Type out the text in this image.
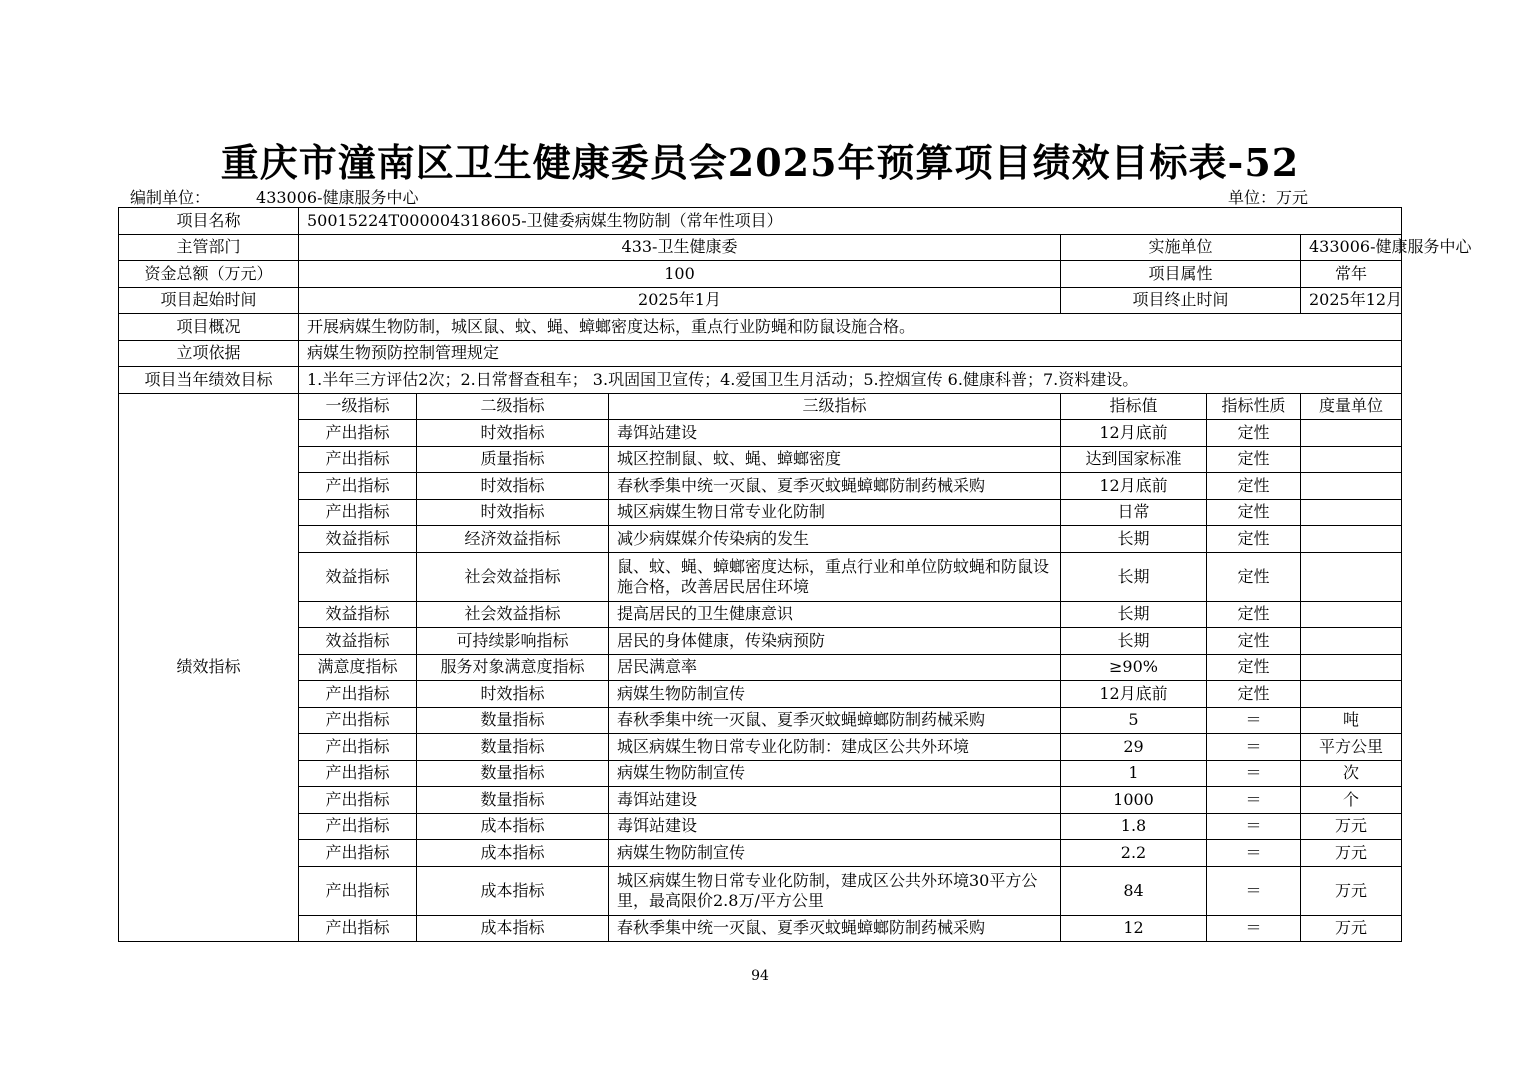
重庆市潼南区卫生健康委员会2025年预算项目绩效目标表-52
编制单位：	433006-健康服务中心	单位：万元
项目名称	50015224T000004318605-卫健委病媒生物防制（常年性项目）					
主管部门	433-卫生健康委			实施单位		433006-健康服务中心
资金总额（万元）	100			项目属性		常年
项目起始时间	2025年1月			项目终止时间		2025年12月
项目概况	开展病媒生物防制，城区鼠、蚊、蝇、蟑螂密度达标，重点行业防蝇和防鼠设施合格。					
立项依据	病媒生物预防控制管理规定					
项目当年绩效目标	1.半年三方评估2次；2.日常督查租车； 3.巩固国卫宣传；4.爱国卫生月活动；5.控烟宣传 6.健康科普；7.资料建设。					
绩效指标	一级指标	二级指标	三级指标	指标值	指标性质	度量单位
	产出指标	时效指标	毒饵站建设	12月底前	定性	
	产出指标	质量指标	城区控制鼠、蚊、蝇、蟑螂密度	达到国家标准	定性	
	产出指标	时效指标	春秋季集中统一灭鼠、夏季灭蚊蝇蟑螂防制药械采购	12月底前	定性	
	产出指标	时效指标	城区病媒生物日常专业化防制	日常	定性	
	效益指标	经济效益指标	减少病媒媒介传染病的发生	长期	定性	
	效益指标	社会效益指标	鼠、蚊、蝇、蟑螂密度达标，重点行业和单位防蚊蝇和防鼠设施合格，改善居民居住环境	长期	定性	
	效益指标	社会效益指标	提高居民的卫生健康意识	长期	定性	
	效益指标	可持续影响指标	居民的身体健康，传染病预防	长期	定性	
	满意度指标	服务对象满意度指标	居民满意率	≥90%	定性	
	产出指标	时效指标	病媒生物防制宣传	12月底前	定性	
	产出指标	数量指标	春秋季集中统一灭鼠、夏季灭蚊蝇蟑螂防制药械采购	5	＝	吨
	产出指标	数量指标	城区病媒生物日常专业化防制：建成区公共外环境	29	＝	平方公里
	产出指标	数量指标	病媒生物防制宣传	1	＝	次
	产出指标	数量指标	毒饵站建设	1000	＝	个
	产出指标	成本指标	毒饵站建设	1.8	＝	万元
	产出指标	成本指标	病媒生物防制宣传	2.2	＝	万元
	产出指标	成本指标	城区病媒生物日常专业化防制，建成区公共外环境30平方公里，最高限价2.8万/平方公里	84	＝	万元
	产出指标	成本指标	春秋季集中统一灭鼠、夏季灭蚊蝇蟑螂防制药械采购	12	＝	万元
94
